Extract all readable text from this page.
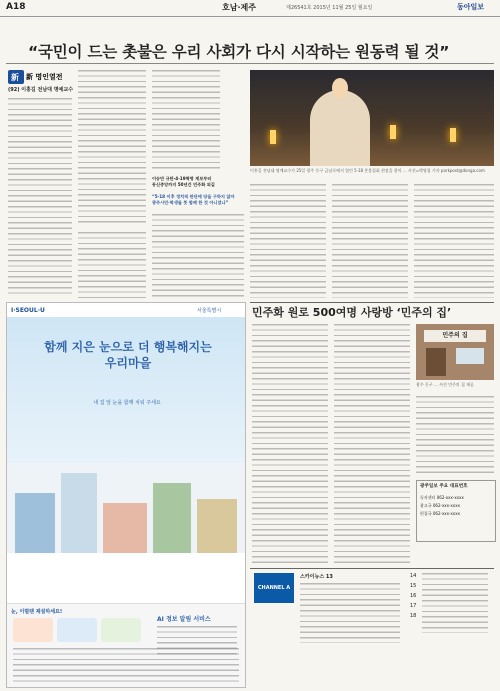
A18	호남·제주	제26541호 2015년 11월 25일 월요일	동아일보
“국민이 드는 촛불은 우리 사회가 다시 시작하는 원동력 될 것”
新 新 명인열전
(92) 이홍길 전남대 명예교수
이승만 규탄·4·19혁명 계보부터
동신중앙까지 50년간 민주화 외길
“5·18 이후 정치적 판단에 당을 구하지 않아
광주시민·학생들 뜻 함께 한 것 아니었나”
이홍길 전남대 명예교수가 25일 광주 동구 금남로에서 열린 5·18 촛불집회 현장을 찾아 ... 사진=박영철 기자 parkpost@donga.com
I·SEOUL·U	서울특별시
함께 지은 눈으로 더 행복해지는 우리마을
내 집 앞 눈을 함께 치워 주세요
눈, 이럴땐 제설하세요!
AI 정보 알림 서비스
민주화 원로 500여명 사랑방 ‘민주의 집’
민주의 집
광주 동구 ... 사진 민주의 집 제공
광주일보 주요 대표번호
독자센터 062-xxx-xxxx
광고국 062-xxx-xxxx
편집국 062-xxx-xxxx
CHANNEL A
스카이뉴스 13	14
15
16
17
18
